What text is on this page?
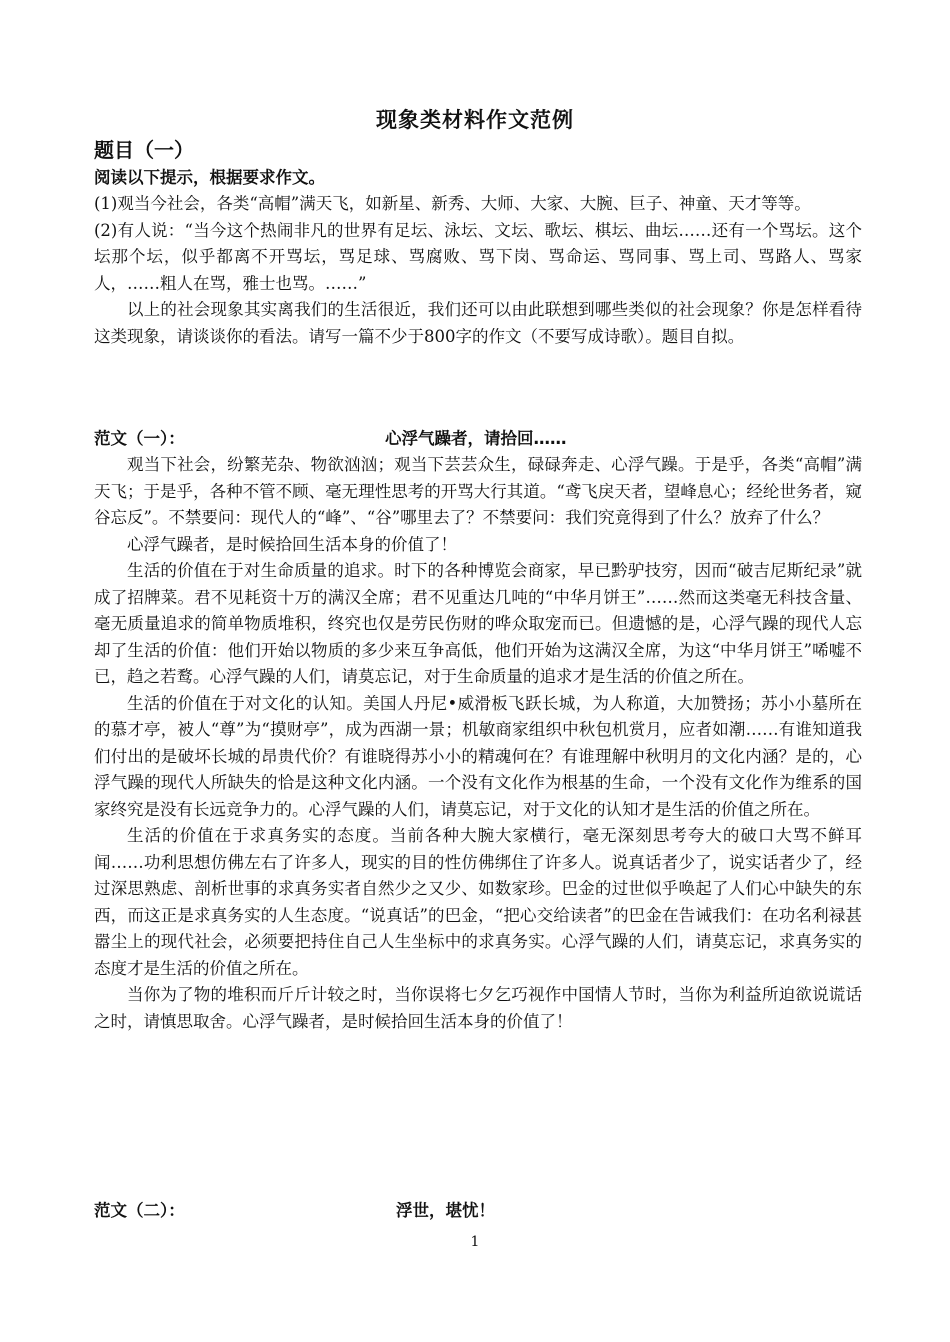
现象类材料作文范例
题目（一）
阅读以下提示，根据要求作文。

(1)观当今社会，各类“高帽”满天飞，如新星、新秀、大师、大家、大腕、巨子、神童、天才等等。

(2)有人说：“当今这个热闹非凡的世界有足坛、泳坛、文坛、歌坛、棋坛、曲坛……还有一个骂坛。这个坛那个坛，似乎都离不开骂坛，骂足球、骂腐败、骂下岗、骂命运、骂同事、骂上司、骂路人、骂家人，……粗人在骂，雅士也骂。……”

以上的社会现象其实离我们的生活很近，我们还可以由此联想到哪些类似的社会现象？你是怎样看待这类现象，请谈谈你的看法。请写一篇不少于800字的作文（不要写成诗歌）。题目自拟。

范文（一）：	心浮气躁者，请拾回……

观当下社会，纷繁芜杂、物欲汹汹；观当下芸芸众生，碌碌奔走、心浮气躁。于是乎，各类“高帽”满天飞；于是乎，各种不管不顾、毫无理性思考的开骂大行其道。“鸢飞戾天者，望峰息心；经纶世务者，窥谷忘反”。不禁要问：现代人的“峰”、“谷”哪里去了？不禁要问：我们究竟得到了什么？放弃了什么？

心浮气躁者，是时候拾回生活本身的价值了！

生活的价值在于对生命质量的追求。时下的各种博览会商家，早已黔驴技穷，因而“破吉尼斯纪录”就成了招牌菜。君不见耗资十万的满汉全席；君不见重达几吨的“中华月饼王”……然而这类毫无科技含量、毫无质量追求的简单物质堆积，终究也仅是劳民伤财的哗众取宠而已。但遗憾的是，心浮气躁的现代人忘却了生活的价值：他们开始以物质的多少来互争高低，他们开始为这满汉全席，为这“中华月饼王”唏嘘不已，趋之若鹜。心浮气躁的人们，请莫忘记，对于生命质量的追求才是生活的价值之所在。

生活的价值在于对文化的认知。美国人丹尼•威滑板飞跃长城，为人称道，大加赞扬；苏小小墓所在的慕才亭，被人“尊”为“摸财亭”，成为西湖一景；机敏商家组织中秋包机赏月，应者如潮……有谁知道我们付出的是破坏长城的昂贵代价？有谁晓得苏小小的精魂何在？有谁理解中秋明月的文化内涵？是的，心浮气躁的现代人所缺失的恰是这种文化内涵。一个没有文化作为根基的生命，一个没有文化作为维系的国家终究是没有长远竞争力的。心浮气躁的人们，请莫忘记，对于文化的认知才是生活的价值之所在。

生活的价值在于求真务实的态度。当前各种大腕大家横行，毫无深刻思考夸大的破口大骂不鲜耳闻……功利思想仿佛左右了许多人，现实的目的性仿佛绑住了许多人。说真话者少了，说实话者少了，经过深思熟虑、剖析世事的求真务实者自然少之又少、如数家珍。巴金的过世似乎唤起了人们心中缺失的东西，而这正是求真务实的人生态度。“说真话”的巴金，“把心交给读者”的巴金在告诫我们：在功名利禄甚嚣尘上的现代社会，必须要把持住自己人生坐标中的求真务实。心浮气躁的人们，请莫忘记，求真务实的态度才是生活的价值之所在。

当你为了物的堆积而斤斤计较之时，当你误将七夕乞巧视作中国情人节时，当你为利益所迫欲说谎话之时，请慎思取舍。心浮气躁者，是时候拾回生活本身的价值了！

范文（二）：	浮世，堪忧！
1
